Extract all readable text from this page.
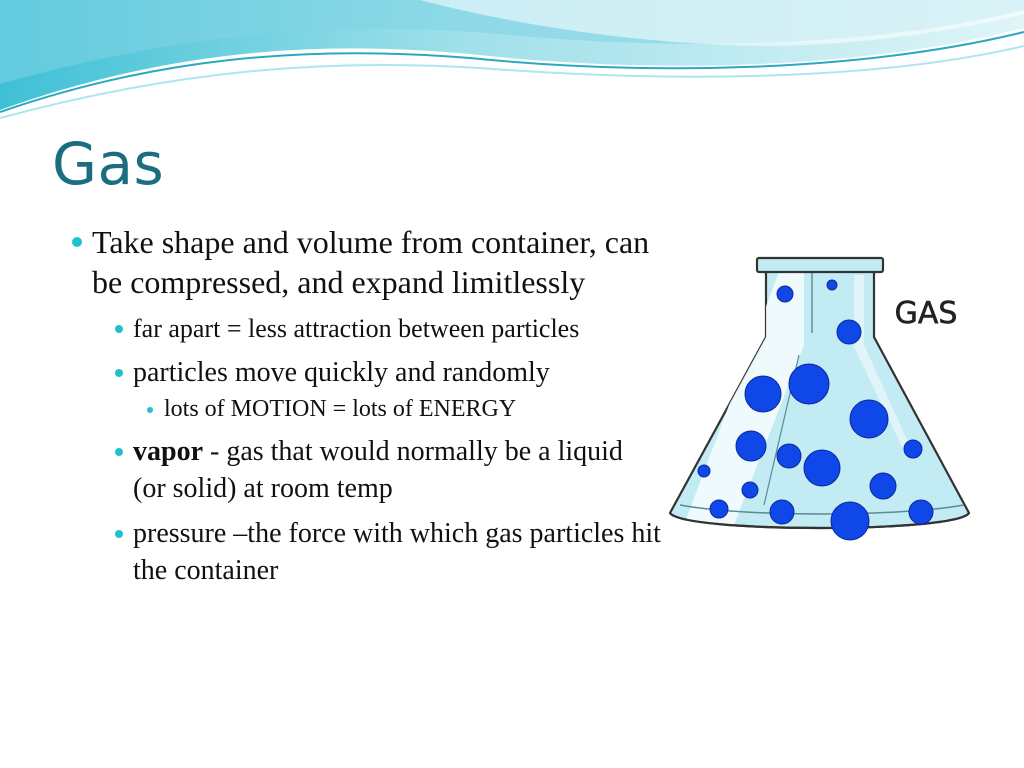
Gas

Take shape and volume from container, can be compressed, and expand limitlessly

far apart = less attraction between particles

particles move quickly and randomly

lots of MOTION = lots of ENERGY

vapor - gas that would normally be a liquid (or solid) at room temp

pressure –the force with which gas particles hit the container

GAS
